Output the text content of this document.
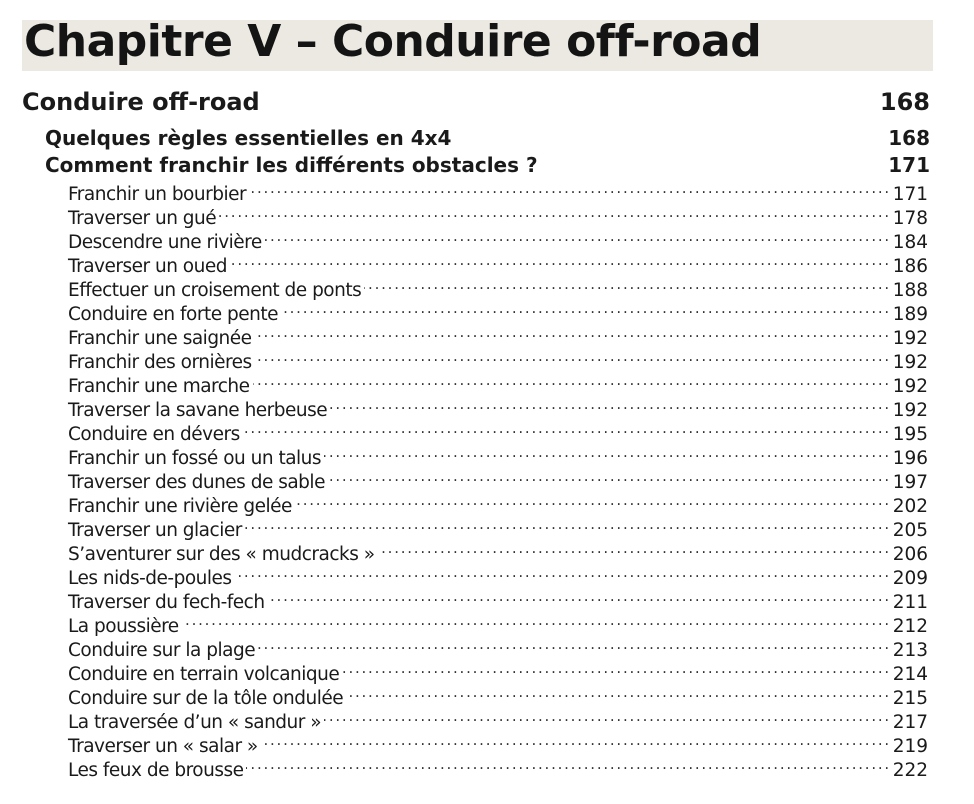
Chapitre V – Conduire off-road
Conduire off-road	168
Quelques règles essentielles en 4x4	168
Comment franchir les différents obstacles ?	171
Franchir un bourbier . . .	171
Traverser un gué . . .	178
Descendre une rivière . . .	184
Traverser un oued . . .	186
Effectuer un croisement de ponts . . .	188
Conduire en forte pente . . .	189
Franchir une saignée . . .	192
Franchir des ornières . . .	192
Franchir une marche . . .	192
Traverser la savane herbeuse . . .	192
Conduire en dévers . . .	195
Franchir un fossé ou un talus . . .	196
Traverser des dunes de sable . . .	197
Franchir une rivière gelée . . .	202
Traverser un glacier . . .	205
S’aventurer sur des « mudcracks » . . .	206
Les nids-de-poules . . .	209
Traverser du fech-fech . . .	211
La poussière . . .	212
Conduire sur la plage . . .	213
Conduire en terrain volcanique . . .	214
Conduire sur de la tôle ondulée . . .	215
La traversée d’un « sandur » . . .	217
Traverser un « salar » . . .	219
Les feux de brousse . . .	222
